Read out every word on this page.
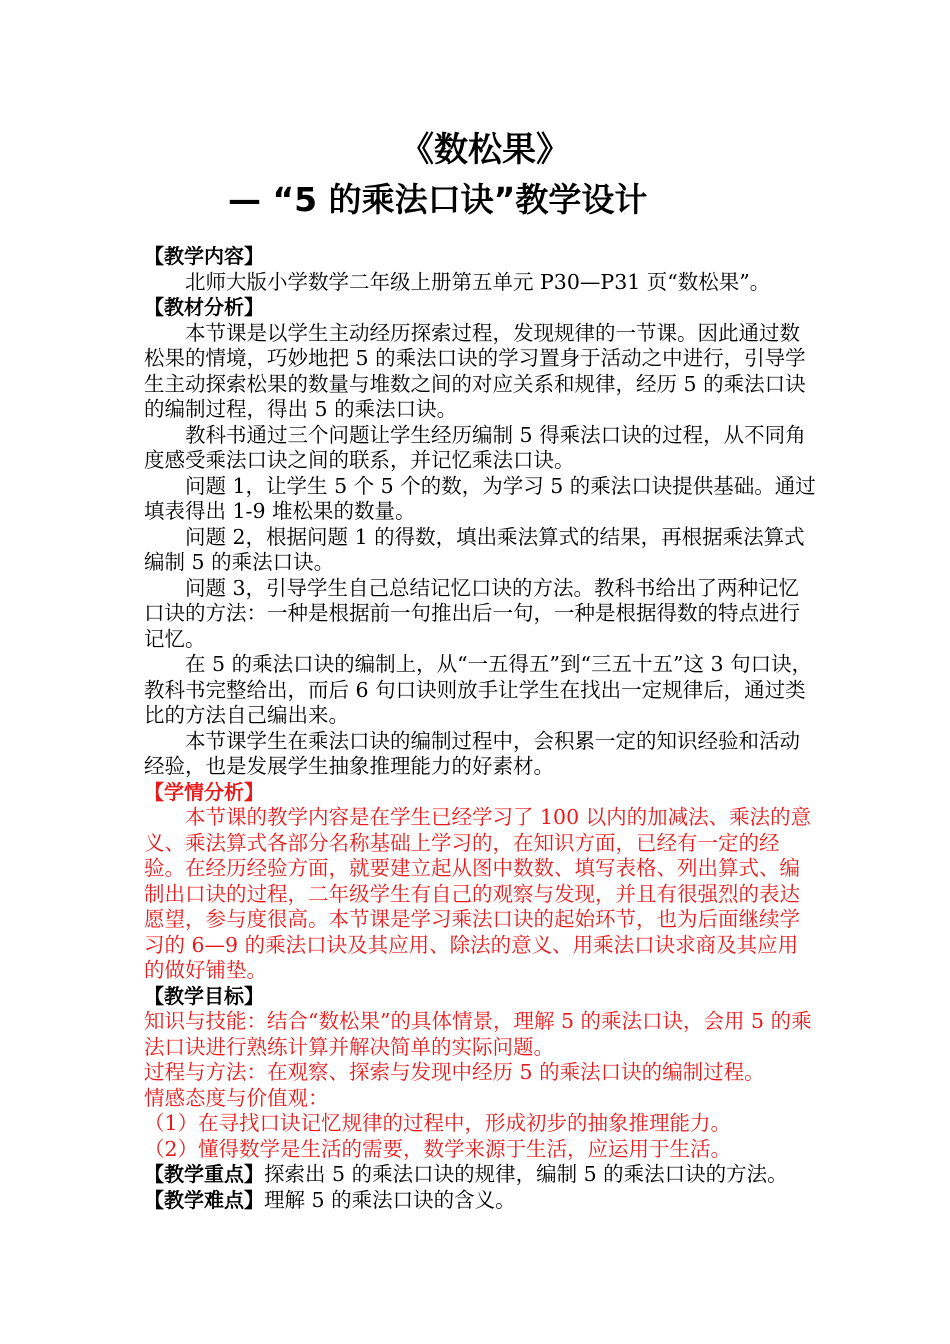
《数松果》
— “5 的乘法口诀”教学设计

【教学内容】

北师大版小学数学二年级上册第五单元 P30—P31 页“数松果”。

【教材分析】

本节课是以学生主动经历探索过程，发现规律的一节课。因此通过数松果的情境，巧妙地把 5 的乘法口诀的学习置身于活动之中进行，引导学生主动探索松果的数量与堆数之间的对应关系和规律，经历 5 的乘法口诀的编制过程，得出 5 的乘法口诀。

教科书通过三个问题让学生经历编制 5 得乘法口诀的过程，从不同角度感受乘法口诀之间的联系，并记忆乘法口诀。

问题 1，让学生 5 个 5 个的数，为学习 5 的乘法口诀提供基础。通过填表得出 1-9 堆松果的数量。

问题 2，根据问题 1 的得数，填出乘法算式的结果，再根据乘法算式编制 5 的乘法口诀。

问题 3，引导学生自己总结记忆口诀的方法。教科书给出了两种记忆口诀的方法：一种是根据前一句推出后一句，一种是根据得数的特点进行记忆。

在 5 的乘法口诀的编制上，从“一五得五”到“三五十五”这 3 句口诀，教科书完整给出，而后 6 句口诀则放手让学生在找出一定规律后，通过类比的方法自己编出来。

本节课学生在乘法口诀的编制过程中，会积累一定的知识经验和活动经验，也是发展学生抽象推理能力的好素材。

【学情分析】

本节课的教学内容是在学生已经学习了 100 以内的加减法、乘法的意义、乘法算式各部分名称基础上学习的，在知识方面，已经有一定的经验。在经历经验方面，就要建立起从图中数数、填写表格、列出算式、编制出口诀的过程，二年级学生有自己的观察与发现，并且有很强烈的表达愿望，参与度很高。本节课是学习乘法口诀的起始环节，也为后面继续学习的 6—9 的乘法口诀及其应用、除法的意义、用乘法口诀求商及其应用的做好铺垫。

【教学目标】

知识与技能：结合“数松果”的具体情景，理解 5 的乘法口诀，会用 5 的乘法口诀进行熟练计算并解决简单的实际问题。

过程与方法：在观察、探索与发现中经历 5 的乘法口诀的编制过程。

情感态度与价值观：

（1）在寻找口诀记忆规律的过程中，形成初步的抽象推理能力。

（2）懂得数学是生活的需要，数学来源于生活，应运用于生活。

【教学重点】探索出 5 的乘法口诀的规律，编制 5 的乘法口诀的方法。

【教学难点】理解 5 的乘法口诀的含义。
